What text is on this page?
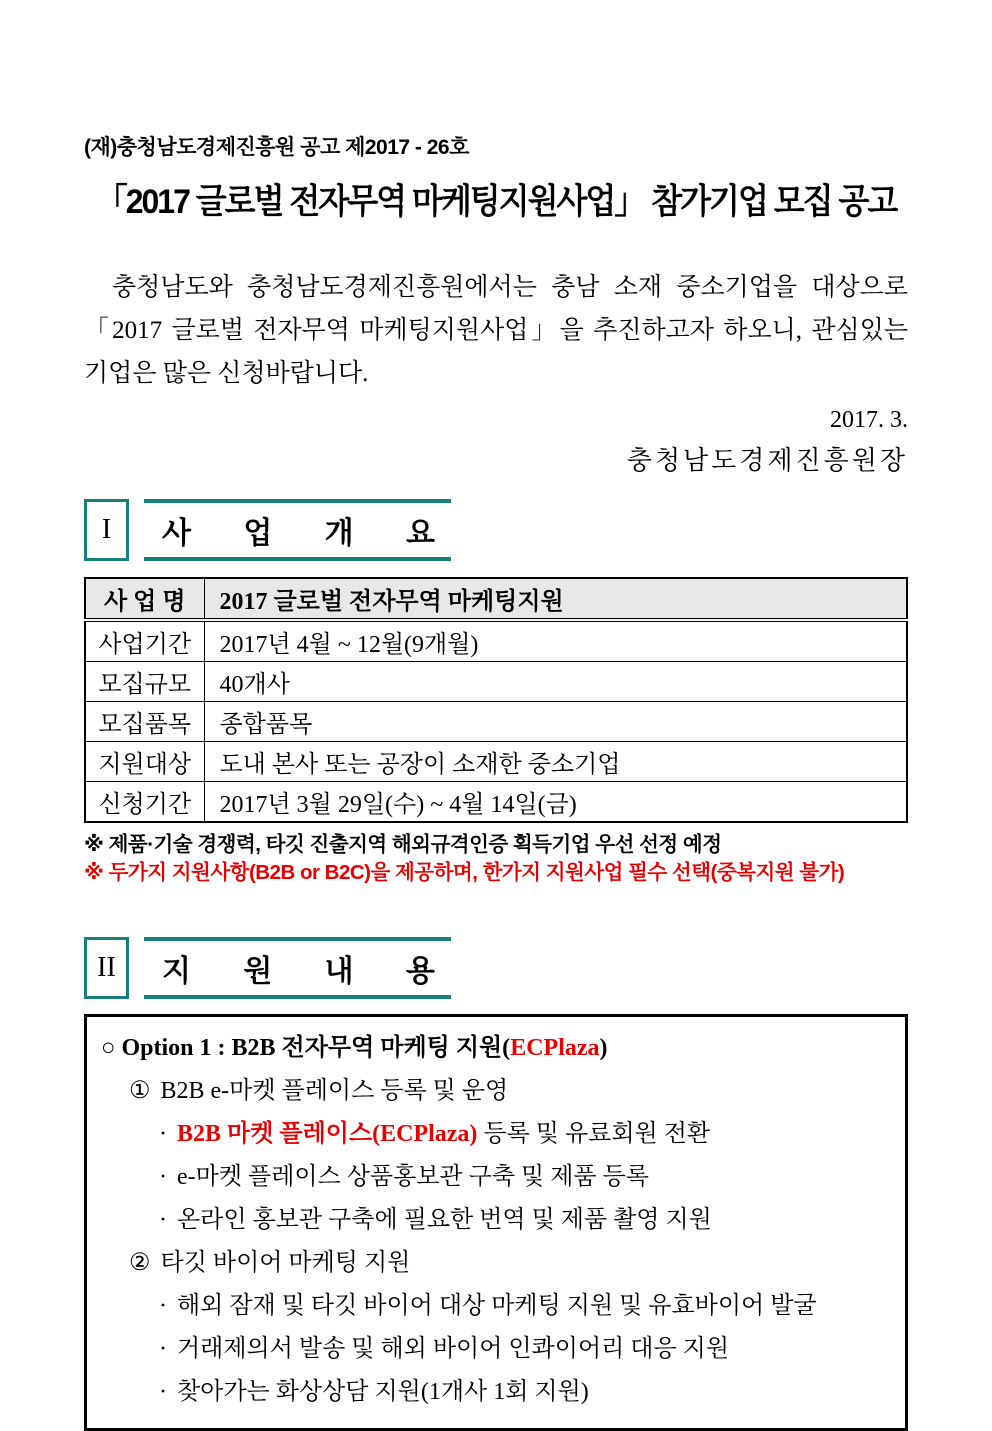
(재)충청남도경제진흥원 공고 제2017 - 26호
「2017 글로벌 전자무역 마케팅지원사업」 참가기업 모집 공고

충청남도와 충청남도경제진흥원에서는 충남 소재 중소기업을 대상으로 「2017 글로벌 전자무역 마케팅지원사업」을 추진하고자 하오니, 관심있는 기업은 많은 신청바랍니다.

2017. 3.
충청남도경제진흥원장
I	사 업 개 요
사 업 명	2017 글로벌 전자무역 마케팅지원
사업기간	2017년 4월 ~ 12월(9개월)
모집규모	40개사
모집품목	종합품목
지원대상	도내 본사 또는 공장이 소재한 중소기업
신청기간	2017년 3월 29일(수) ~ 4월 14일(금)
※ 제품·기술 경쟁력, 타깃 진출지역 해외규격인증 획득기업 우선 선정 예정
※ 두가지 지원사항(B2B or B2C)을 제공하며, 한가지 지원사업 필수 선택(중복지원 불가)
II	지 원 내 용
○ Option 1 : B2B 전자무역 마케팅 지원(ECPlaza)
① B2B e-마켓 플레이스 등록 및 운영
· B2B 마켓 플레이스(ECPlaza) 등록 및 유료회원 전환
· e-마켓 플레이스 상품홍보관 구축 및 제품 등록
· 온라인 홍보관 구축에 필요한 번역 및 제품 촬영 지원
② 타깃 바이어 마케팅 지원
· 해외 잠재 및 타깃 바이어 대상 마케팅 지원 및 유효바이어 발굴
· 거래제의서 발송 및 해외 바이어 인콰이어리 대응 지원
· 찾아가는 화상상담 지원(1개사 1회 지원)
